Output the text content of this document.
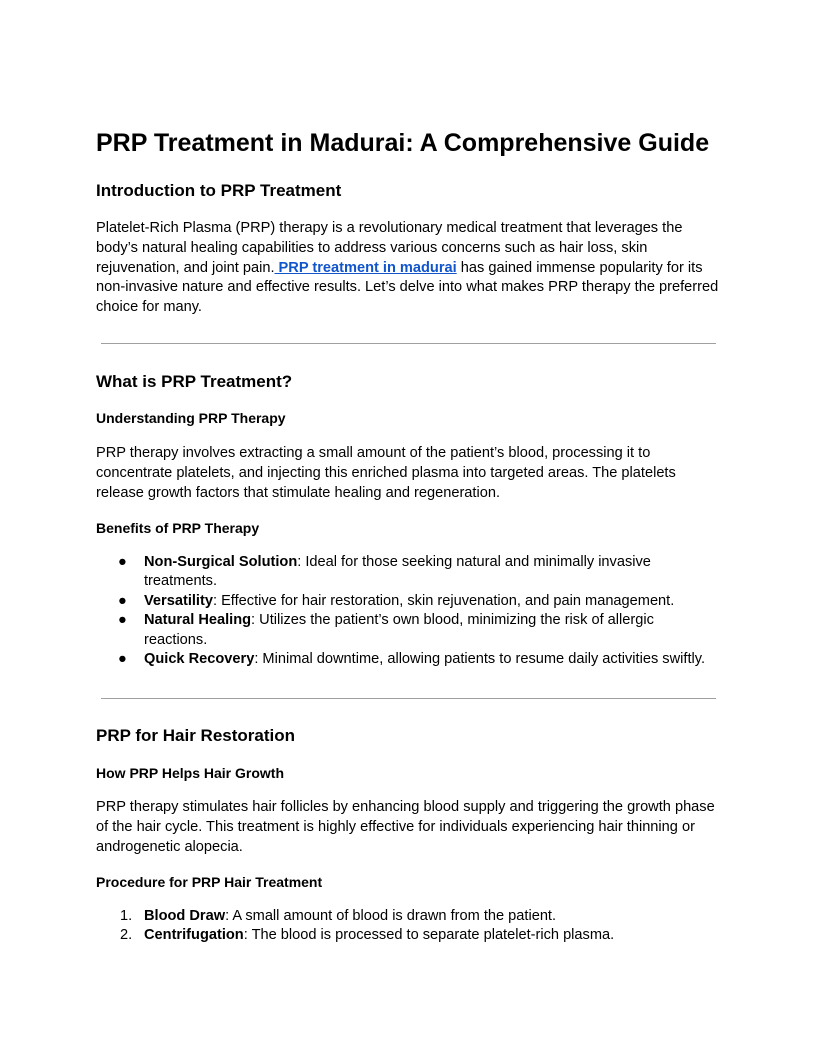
PRP Treatment in Madurai: A Comprehensive Guide
Introduction to PRP Treatment

Platelet-Rich Plasma (PRP) therapy is a revolutionary medical treatment that leverages the body’s natural healing capabilities to address various concerns such as hair loss, skin rejuvenation, and joint pain. PRP treatment in madurai has gained immense popularity for its non-invasive nature and effective results. Let’s delve into what makes PRP therapy the preferred choice for many.

What is PRP Treatment?
Understanding PRP Therapy

PRP therapy involves extracting a small amount of the patient’s blood, processing it to concentrate platelets, and injecting this enriched plasma into targeted areas. The platelets release growth factors that stimulate healing and regeneration.

Benefits of PRP Therapy
● Non-Surgical Solution: Ideal for those seeking natural and minimally invasive treatments.
● Versatility: Effective for hair restoration, skin rejuvenation, and pain management.
● Natural Healing: Utilizes the patient’s own blood, minimizing the risk of allergic reactions.
● Quick Recovery: Minimal downtime, allowing patients to resume daily activities swiftly.
PRP for Hair Restoration
How PRP Helps Hair Growth

PRP therapy stimulates hair follicles by enhancing blood supply and triggering the growth phase of the hair cycle. This treatment is highly effective for individuals experiencing hair thinning or androgenetic alopecia.

Procedure for PRP Hair Treatment
1. Blood Draw: A small amount of blood is drawn from the patient.
2. Centrifugation: The blood is processed to separate platelet-rich plasma.
